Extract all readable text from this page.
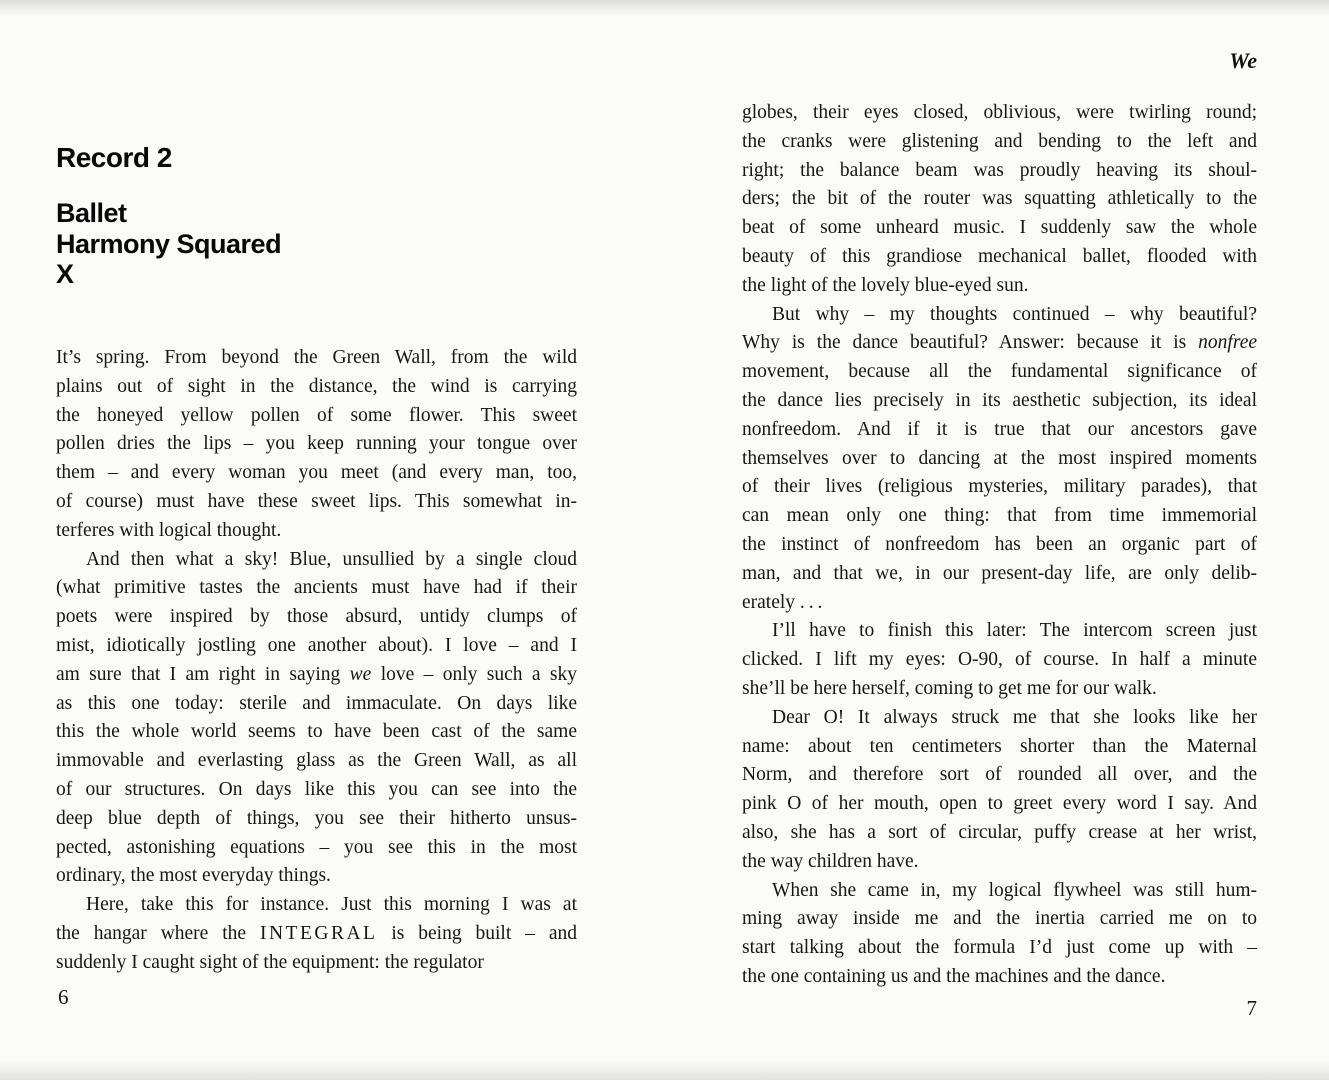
We
Record 2
Ballet
Harmony Squared
X
It’s spring. From beyond the Green Wall, from the wild
plains out of sight in the distance, the wind is carrying
the honeyed yellow pollen of some flower. This sweet
pollen dries the lips – you keep running your tongue over
them – and every woman you meet (and every man, too,
of course) must have these sweet lips. This somewhat in-
terferes with logical thought.
And then what a sky! Blue, unsullied by a single cloud
(what primitive tastes the ancients must have had if their
poets were inspired by those absurd, untidy clumps of
mist, idiotically jostling one another about). I love – and I
am sure that I am right in saying we love – only such a sky
as this one today: sterile and immaculate. On days like
this the whole world seems to have been cast of the same
immovable and everlasting glass as the Green Wall, as all
of our structures. On days like this you can see into the
deep blue depth of things, you see their hitherto unsus-
pected, astonishing equations – you see this in the most
ordinary, the most everyday things.
Here, take this for instance. Just this morning I was at
the hangar where the INTEGRAL is being built – and
suddenly I caught sight of the equipment: the regulator
6
globes, their eyes closed, oblivious, were twirling round;
the cranks were glistening and bending to the left and
right; the balance beam was proudly heaving its shoul-
ders; the bit of the router was squatting athletically to the
beat of some unheard music. I suddenly saw the whole
beauty of this grandiose mechanical ballet, flooded with
the light of the lovely blue-eyed sun.
But why – my thoughts continued – why beautiful?
Why is the dance beautiful? Answer: because it is nonfree
movement, because all the fundamental significance of
the dance lies precisely in its aesthetic subjection, its ideal
nonfreedom. And if it is true that our ancestors gave
themselves over to dancing at the most inspired moments
of their lives (religious mysteries, military parades), that
can mean only one thing: that from time immemorial
the instinct of nonfreedom has been an organic part of
man, and that we, in our present-day life, are only delib-
erately . . .
I’ll have to finish this later: The intercom screen just
clicked. I lift my eyes: O-90, of course. In half a minute
she’ll be here herself, coming to get me for our walk.
Dear O! It always struck me that she looks like her
name: about ten centimeters shorter than the Maternal
Norm, and therefore sort of rounded all over, and the
pink O of her mouth, open to greet every word I say. And
also, she has a sort of circular, puffy crease at her wrist,
the way children have.
When she came in, my logical flywheel was still hum-
ming away inside me and the inertia carried me on to
start talking about the formula I’d just come up with –
the one containing us and the machines and the dance.
7
